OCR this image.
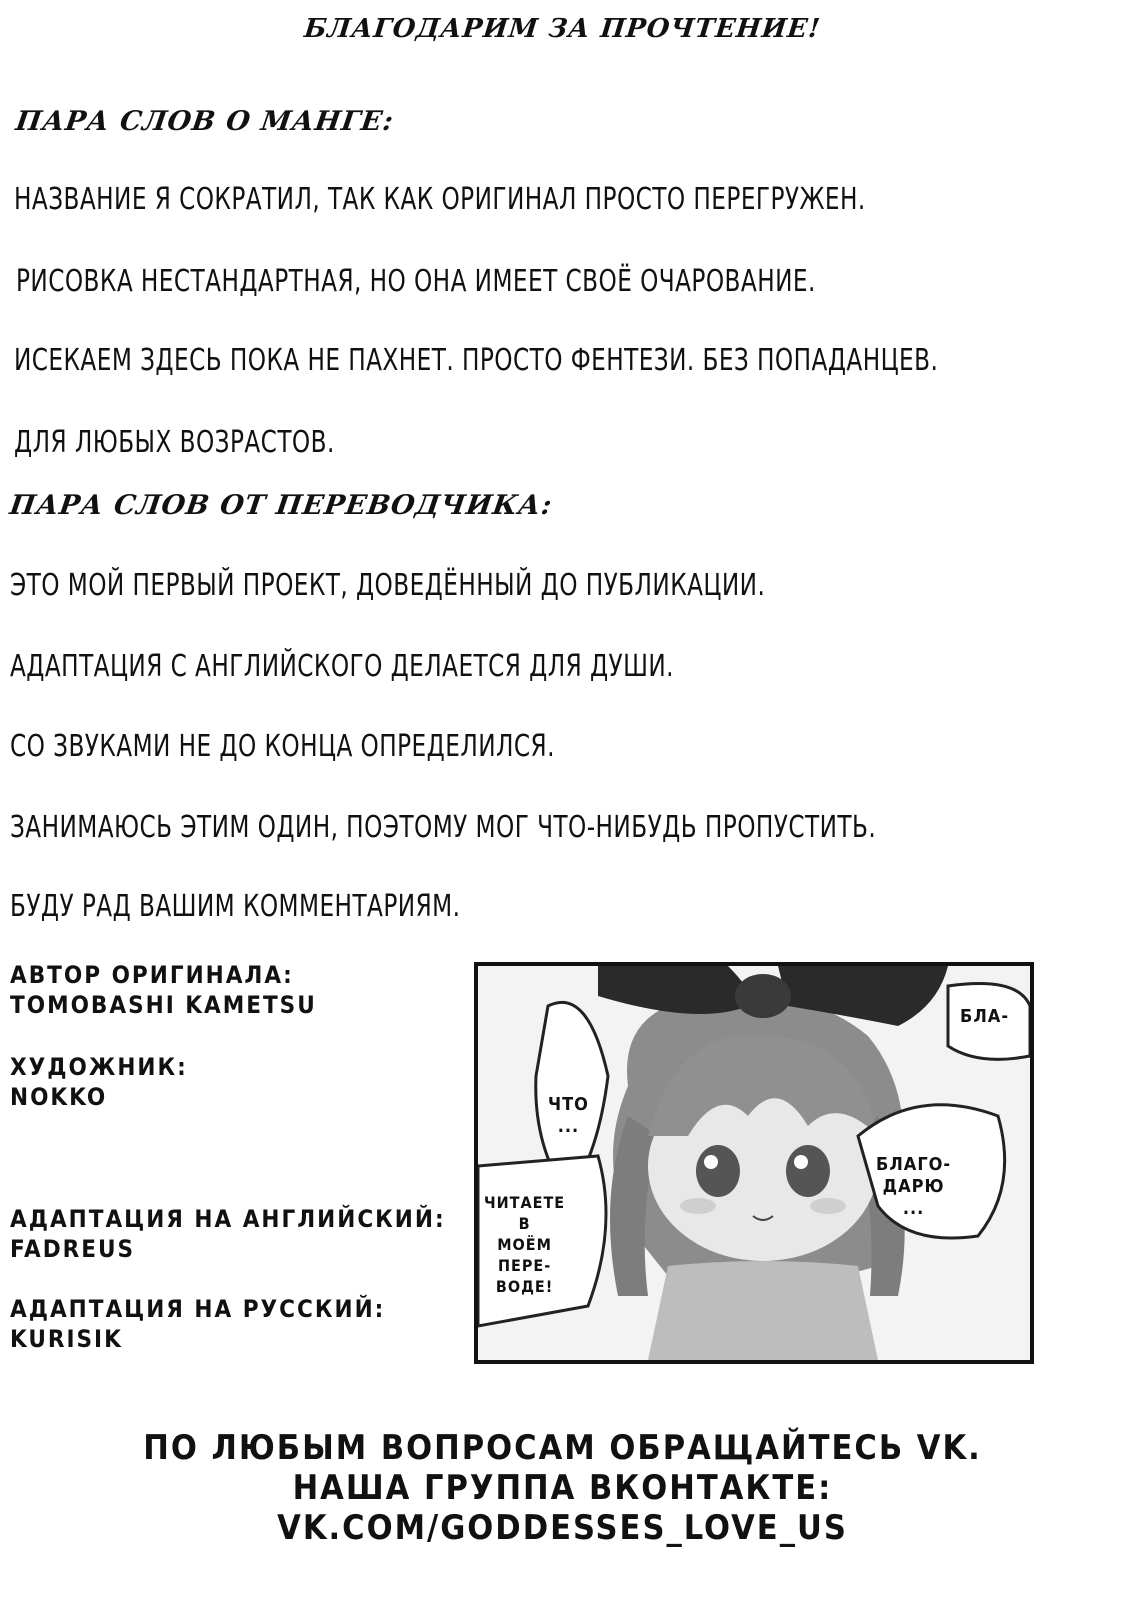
БЛАГОДАРИМ ЗА ПРОЧТЕНИЕ!
ПАРА СЛОВ О МАНГЕ:
НАЗВАНИЕ Я СОКРАТИЛ, ТАК КАК ОРИГИНАЛ ПРОСТО ПЕРЕГРУЖЕН.
РИСОВКА НЕСТАНДАРТНАЯ, НО ОНА ИМЕЕТ СВОЁ ОЧАРОВАНИЕ.
ИСЕКАЕМ ЗДЕСЬ ПОКА НЕ ПАХНЕТ. ПРОСТО ФЕНТЕЗИ. БЕЗ ПОПАДАНЦЕВ.
ДЛЯ ЛЮБЫХ ВОЗРАСТОВ.
ПАРА СЛОВ ОТ ПЕРЕВОДЧИКА:
ЭТО МОЙ ПЕРВЫЙ ПРОЕКТ, ДОВЕДЁННЫЙ ДО ПУБЛИКАЦИИ.
АДАПТАЦИЯ С АНГЛИЙСКОГО ДЕЛАЕТСЯ ДЛЯ ДУШИ.
СО ЗВУКАМИ НЕ ДО КОНЦА ОПРЕДЕЛИЛСЯ.
ЗАНИМАЮСЬ ЭТИМ ОДИН, ПОЭТОМУ МОГ ЧТО-НИБУДЬ ПРОПУСТИТЬ.
БУДУ РАД ВАШИМ КОММЕНТАРИЯМ.
АВТОР ОРИГИНАЛА:
TOMOBASHI KAMETSU
ХУДОЖНИК:
NOKKO
АДАПТАЦИЯ НА АНГЛИЙСКИЙ:
FADREUS
АДАПТАЦИЯ НА РУССКИЙ:
KURISIK
БЛА-
ЧТО
...
БЛАГО-
ДАРЮ
...
ЧИТАЕТЕ
В
МОЁМ
ПЕРЕ-
ВОДЕ!
ПО ЛЮБЫМ ВОПРОСАМ ОБРАЩАЙТЕСЬ VK.
НАША ГРУППА ВКОНТАКТЕ:
VK.COM/GODDESSES_LOVE_US
